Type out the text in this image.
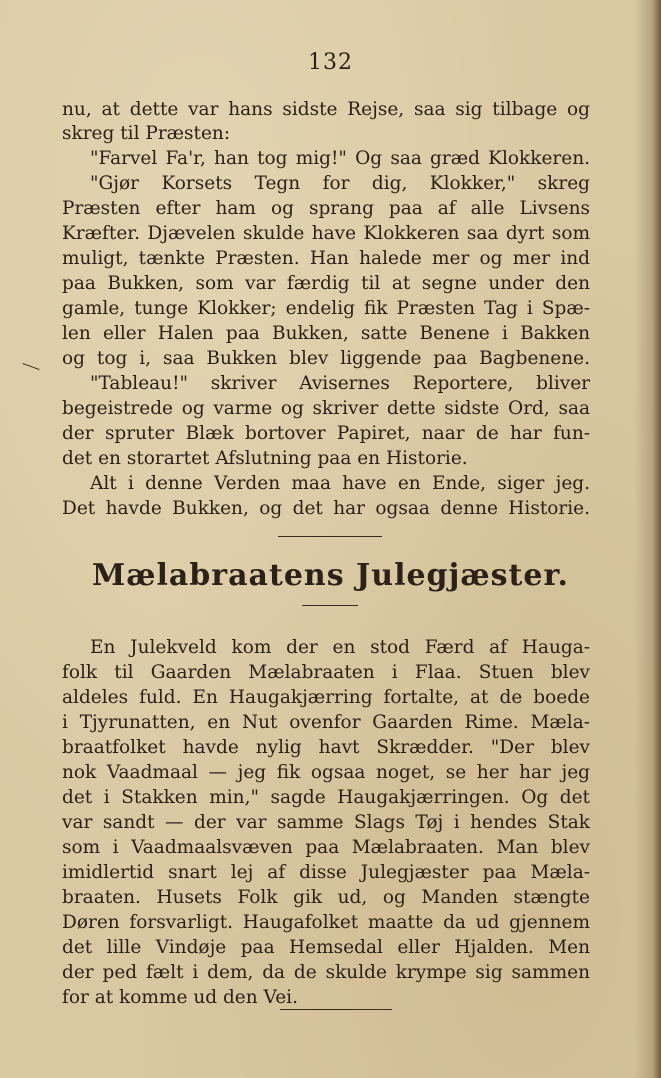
132
nu, at dette var hans sidste Rejse, saa sig tilbage og
skreg til Præsten:
"Farvel Fa'r, han tog mig!" Og saa græd Klokkeren.
"Gjør Korsets Tegn for dig, Klokker," skreg
Præsten efter ham og sprang paa af alle Livsens
Kræfter. Djævelen skulde have Klokkeren saa dyrt som
muligt, tænkte Præsten. Han halede mer og mer ind
paa Bukken, som var færdig til at segne under den
gamle, tunge Klokker; endelig fik Præsten Tag i Spæ-
len eller Halen paa Bukken, satte Benene i Bakken
og tog i, saa Bukken blev liggende paa Bagbenene.
"Tableau!" skriver Avisernes Reportere, bliver
begeistrede og varme og skriver dette sidste Ord, saa
der spruter Blæk bortover Papiret, naar de har fun-
det en storartet Afslutning paa en Historie.
Alt i denne Verden maa have en Ende, siger jeg.
Det havde Bukken, og det har ogsaa denne Historie.
Mælabraatens Julegjæster.
En Julekveld kom der en stod Færd af Hauga-
folk til Gaarden Mælabraaten i Flaa. Stuen blev
aldeles fuld. En Haugakjærring fortalte, at de boede
i Tjyrunatten, en Nut ovenfor Gaarden Rime. Mæla-
braatfolket havde nylig havt Skrædder. "Der blev
nok Vaadmaal — jeg fik ogsaa noget, se her har jeg
det i Stakken min," sagde Haugakjærringen. Og det
var sandt — der var samme Slags Tøj i hendes Stak
som i Vaadmaalsvæven paa Mælabraaten. Man blev
imidlertid snart lej af disse Julegjæster paa Mæla-
braaten. Husets Folk gik ud, og Manden stængte
Døren forsvarligt. Haugafolket maatte da ud gjennem
det lille Vindøje paa Hemsedal eller Hjalden. Men
der ped fælt i dem, da de skulde krympe sig sammen
for at komme ud den Vei.
